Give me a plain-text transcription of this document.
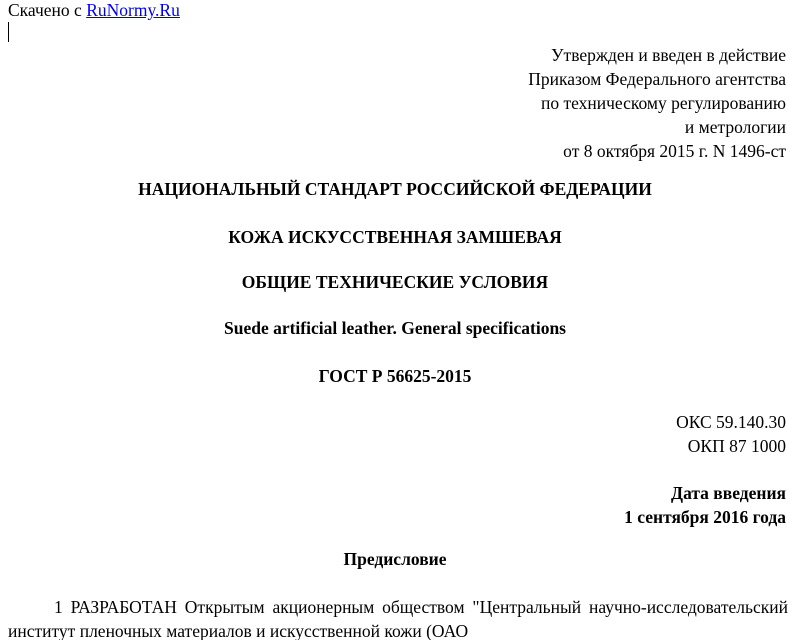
Скачено с RuNormy.Ru
Утвержден и введен в действие
Приказом Федерального агентства
по техническому регулированию
и метрологии
от 8 октября 2015 г. N 1496-ст
НАЦИОНАЛЬНЫЙ СТАНДАРТ РОССИЙСКОЙ ФЕДЕРАЦИИ
КОЖА ИСКУССТВЕННАЯ ЗАМШЕВАЯ
ОБЩИЕ ТЕХНИЧЕСКИЕ УСЛОВИЯ
Suede artificial leather. General specifications
ГОСТ Р 56625-2015
ОКС 59.140.30
ОКП 87 1000
Дата введения
1 сентября 2016 года
Предисловие
1 РАЗРАБОТАН Открытым акционерным обществом "Центральный научно-исследовательский институт пленочных материалов и искусственной кожи (ОАО
